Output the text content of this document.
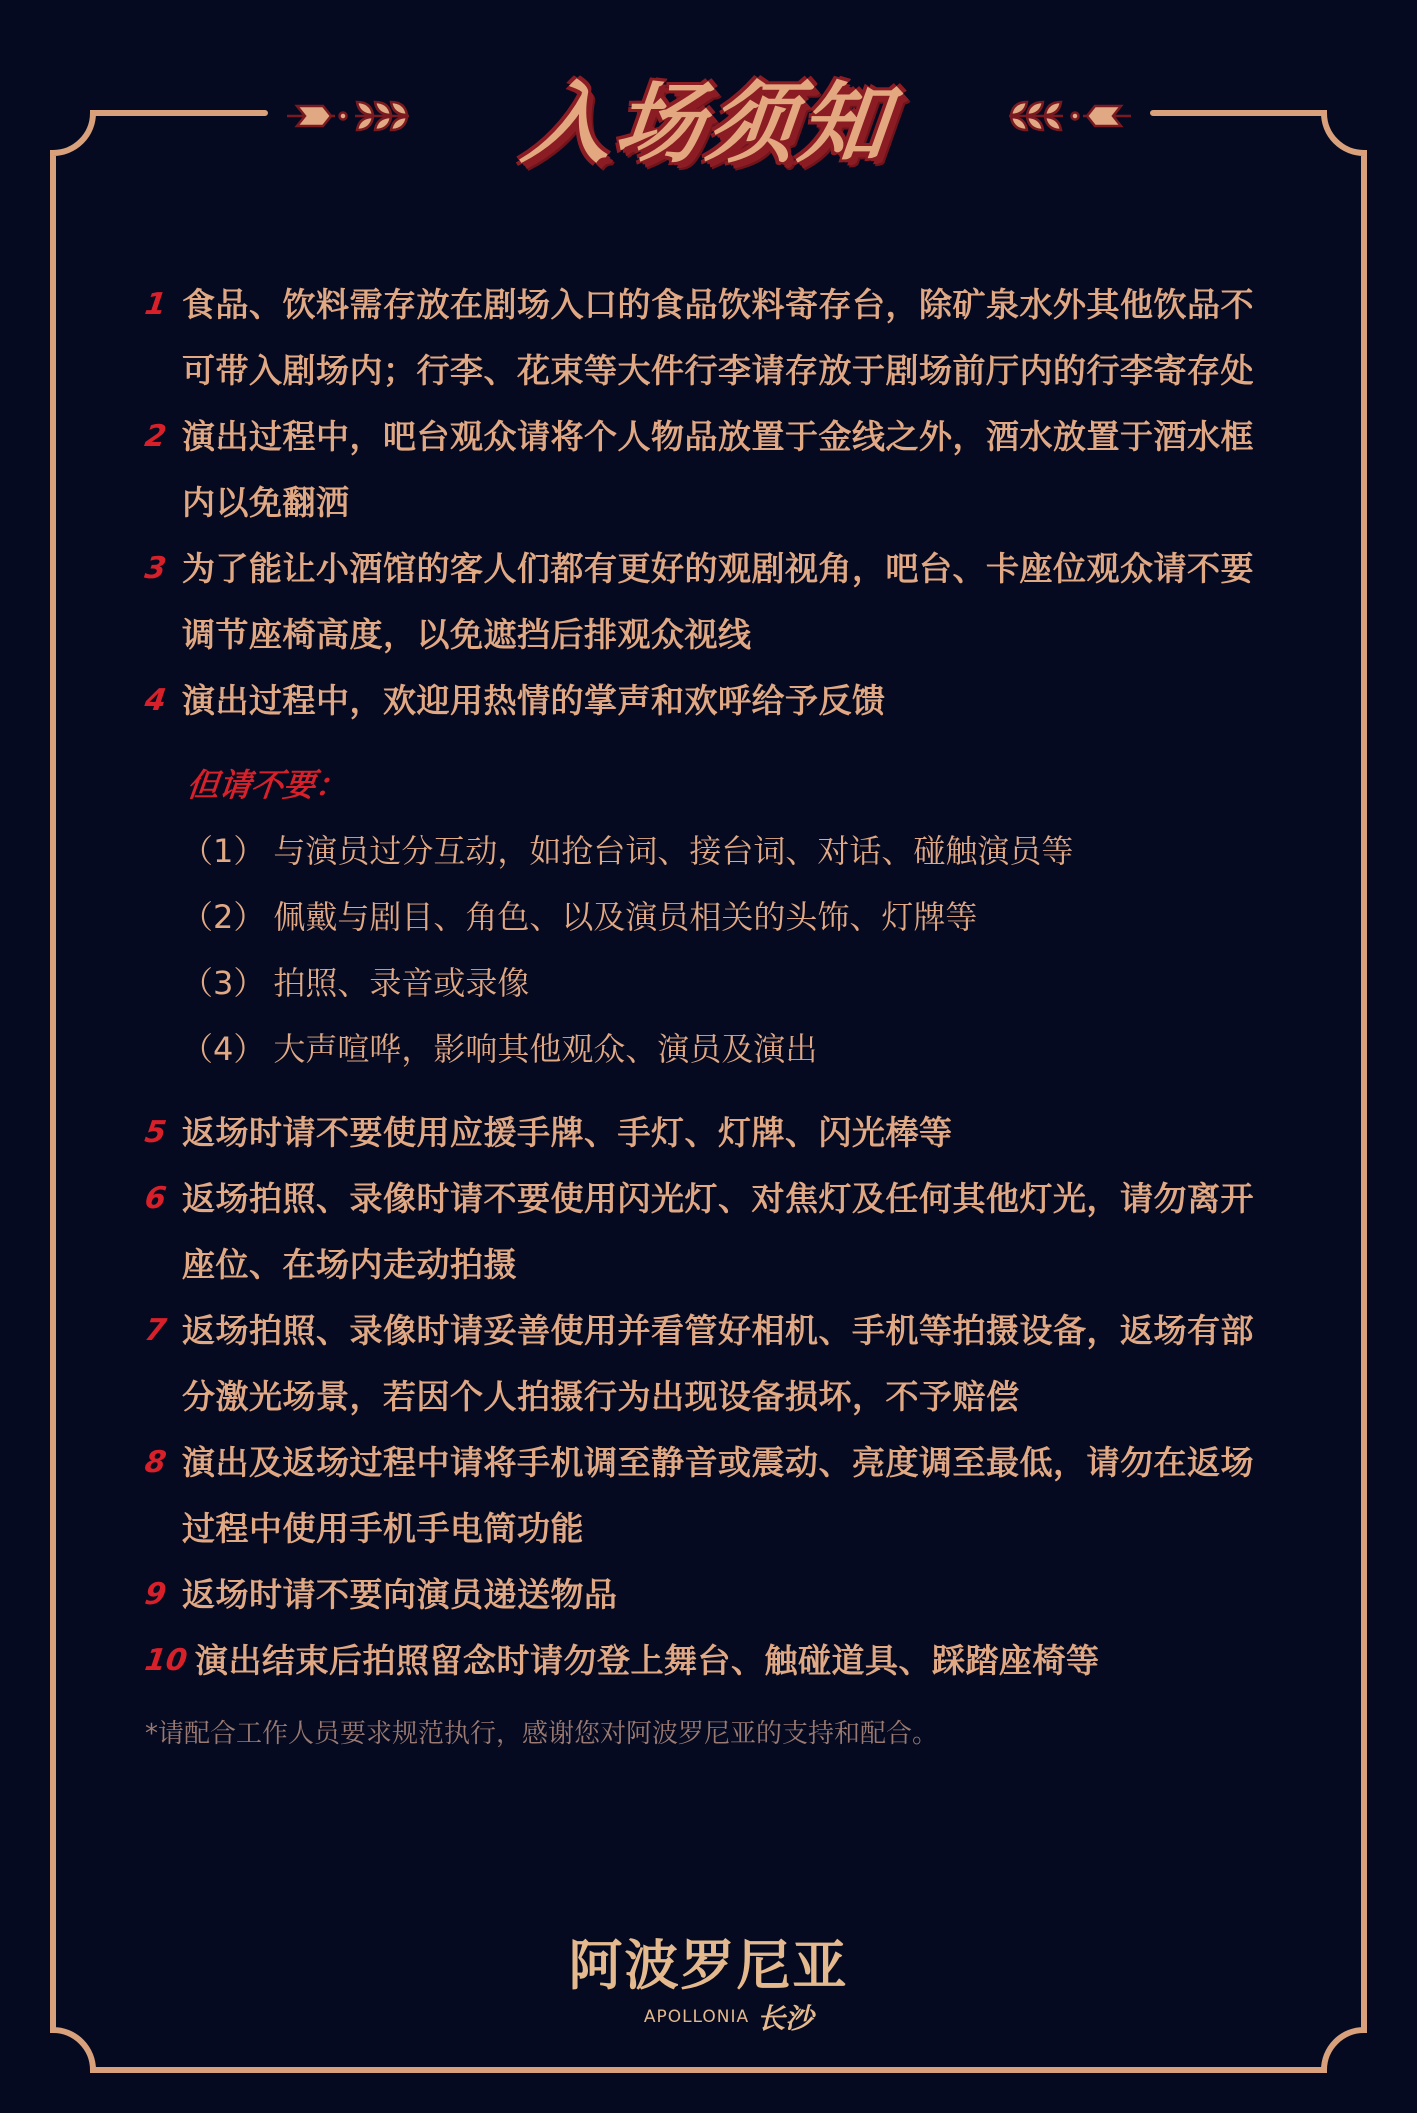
入场须知
1 食品、饮料需存放在剧场入口的食品饮料寄存台，除矿泉水外其他饮品不可带入剧场内；行李、花束等大件行李请存放于剧场前厅内的行李寄存处
2 演出过程中，吧台观众请将个人物品放置于金线之外，酒水放置于酒水框内以免翻洒
3 为了能让小酒馆的客人们都有更好的观剧视角，吧台、卡座位观众请不要调节座椅高度，以免遮挡后排观众视线
4 演出过程中，欢迎用热情的掌声和欢呼给予反馈
但请不要：
（1） 与演员过分互动，如抢台词、接台词、对话、碰触演员等
（2） 佩戴与剧目、角色、以及演员相关的头饰、灯牌等
（3） 拍照、录音或录像
（4） 大声喧哗，影响其他观众、演员及演出
5 返场时请不要使用应援手牌、手灯、灯牌、闪光棒等
6 返场拍照、录像时请不要使用闪光灯、对焦灯及任何其他灯光，请勿离开座位、在场内走动拍摄
7 返场拍照、录像时请妥善使用并看管好相机、手机等拍摄设备，返场有部分激光场景，若因个人拍摄行为出现设备损坏，不予赔偿
8 演出及返场过程中请将手机调至静音或震动、亮度调至最低，请勿在返场过程中使用手机手电筒功能
9 返场时请不要向演员递送物品
10 演出结束后拍照留念时请勿登上舞台、触碰道具、踩踏座椅等
*请配合工作人员要求规范执行，感谢您对阿波罗尼亚的支持和配合。
阿波罗尼亚
APOLLONIA 长沙
